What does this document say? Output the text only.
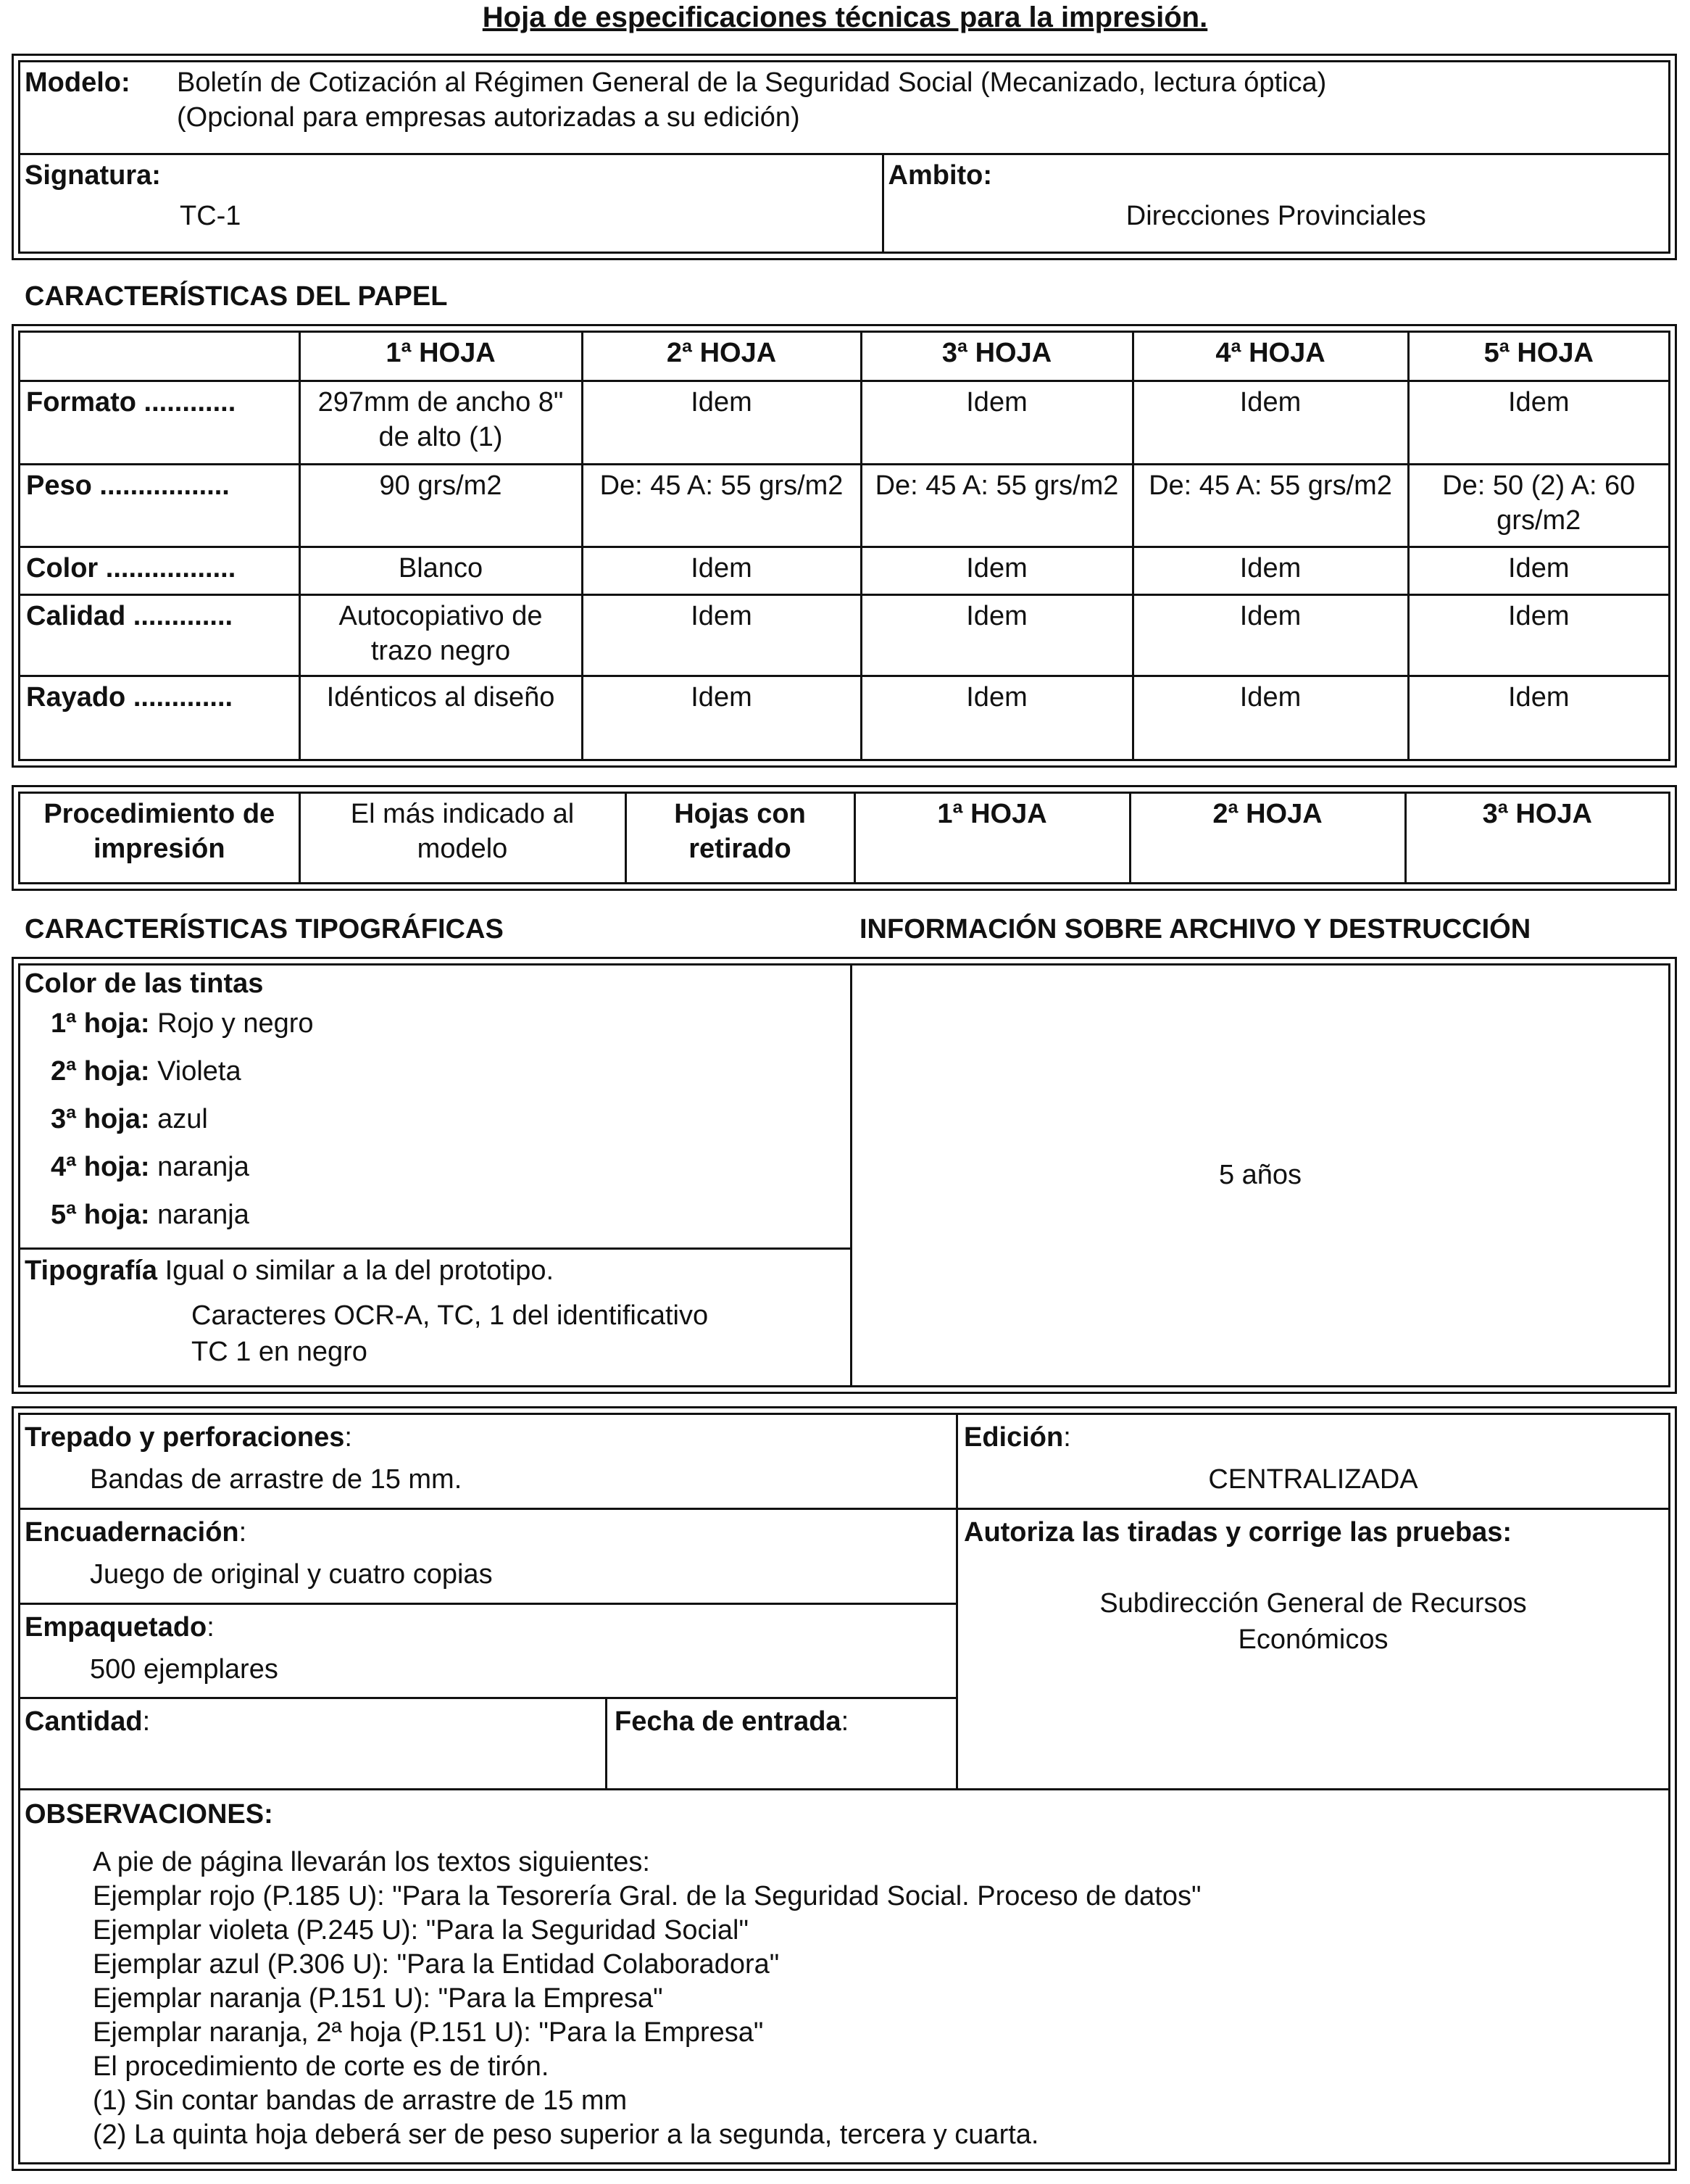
Hoja de especificaciones técnicas para la impresión.
Modelo:	Boletín de Cotización al Régimen General de la Seguridad Social (Mecanizado, lectura óptica)
(Opcional para empresas autorizadas a su edición)

Signatura:
TC-1

Ambito:
Direcciones Provinciales
CARACTERÍSTICAS DEL PAPEL
	1ª HOJA	2ª HOJA	3ª HOJA	4ª HOJA	5ª HOJA
Formato ............	297mm de ancho 8" de alto (1)	Idem	Idem	Idem	Idem
Peso .................	90 grs/m2	De: 45 A: 55 grs/m2	De: 45 A: 55 grs/m2	De: 45 A: 55 grs/m2	De: 50 (2) A: 60 grs/m2
Color .................	Blanco	Idem	Idem	Idem	Idem
Calidad .............	Autocopiativo de trazo negro	Idem	Idem	Idem	Idem
Rayado .............	Idénticos al diseño	Idem	Idem	Idem	Idem
Procedimiento de impresión	El más indicado al modelo	Hojas con retirado	1ª HOJA	2ª HOJA	3ª HOJA
CARACTERÍSTICAS TIPOGRÁFICAS	INFORMACIÓN SOBRE ARCHIVO Y DESTRUCCIÓN
Color de las tintas
1ª hoja: Rojo y negro
2ª hoja: Violeta
3ª hoja: azul
4ª hoja: naranja
5ª hoja: naranja
Tipografía Igual o similar a la del prototipo.
Caracteres OCR-A, TC, 1 del identificativo
TC 1 en negro
5 años
Trepado y perforaciones:
Bandas de arrastre de 15 mm.
Encuadernación:
Juego de original y cuatro copias
Empaquetado:
500 ejemplares
Cantidad:	Fecha de entrada:
Edición:
CENTRALIZADA
Autoriza las tiradas y corrige las pruebas:
Subdirección General de Recursos
Económicos
OBSERVACIONES:
A pie de página llevarán los textos siguientes:
Ejemplar rojo (P.185 U): "Para la Tesorería Gral. de la Seguridad Social. Proceso de datos"
Ejemplar violeta (P.245 U): "Para la Seguridad Social"
Ejemplar azul (P.306 U): "Para la Entidad Colaboradora"
Ejemplar naranja (P.151 U): "Para la Empresa"
Ejemplar naranja, 2ª hoja (P.151 U): "Para la Empresa"
El procedimiento de corte es de tirón.
(1) Sin contar bandas de arrastre de 15 mm
(2) La quinta hoja deberá ser de peso superior a la segunda, tercera y cuarta.
